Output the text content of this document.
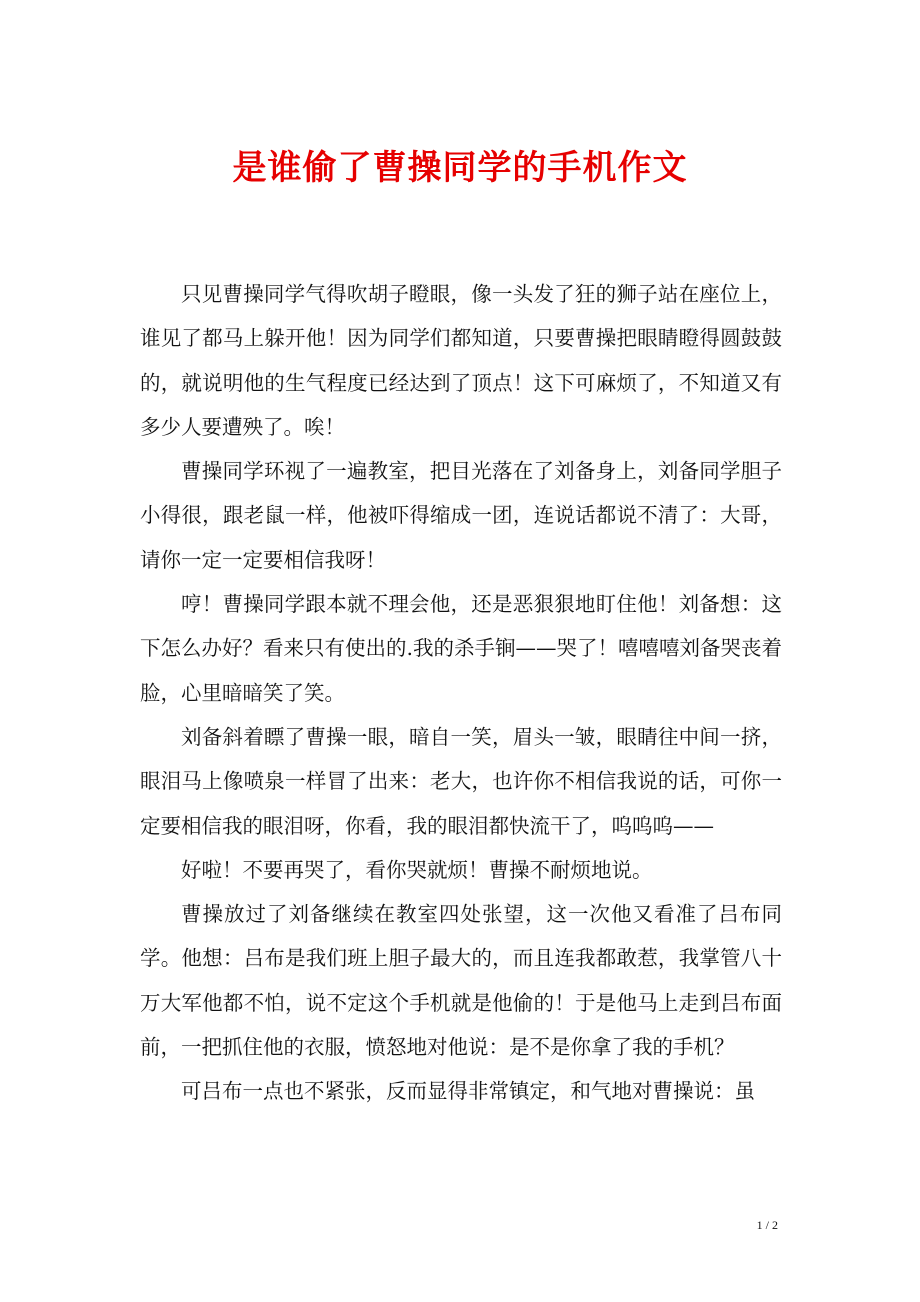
是谁偷了曹操同学的手机作文

只见曹操同学气得吹胡子瞪眼，像一头发了狂的狮子站在座位上，谁见了都马上躲开他！因为同学们都知道，只要曹操把眼睛瞪得圆鼓鼓的，就说明他的生气程度已经达到了顶点！这下可麻烦了，不知道又有多少人要遭殃了。唉！

曹操同学环视了一遍教室，把目光落在了刘备身上，刘备同学胆子小得很，跟老鼠一样，他被吓得缩成一团，连说话都说不清了：大哥，请你一定一定要相信我呀！

哼！曹操同学跟本就不理会他，还是恶狠狠地盯住他！刘备想：这下怎么办好？看来只有使出的.我的杀手锏——哭了！嘻嘻嘻刘备哭丧着脸，心里暗暗笑了笑。

刘备斜着瞟了曹操一眼，暗自一笑，眉头一皱，眼睛往中间一挤，眼泪马上像喷泉一样冒了出来：老大，也许你不相信我说的话，可你一定要相信我的眼泪呀，你看，我的眼泪都快流干了，呜呜呜——

好啦！不要再哭了，看你哭就烦！曹操不耐烦地说。

曹操放过了刘备继续在教室四处张望，这一次他又看准了吕布同学。他想：吕布是我们班上胆子最大的，而且连我都敢惹，我掌管八十万大军他都不怕，说不定这个手机就是他偷的！于是他马上走到吕布面前，一把抓住他的衣服，愤怒地对他说：是不是你拿了我的手机？

可吕布一点也不紧张，反而显得非常镇定，和气地对曹操说：虽

1 / 2
